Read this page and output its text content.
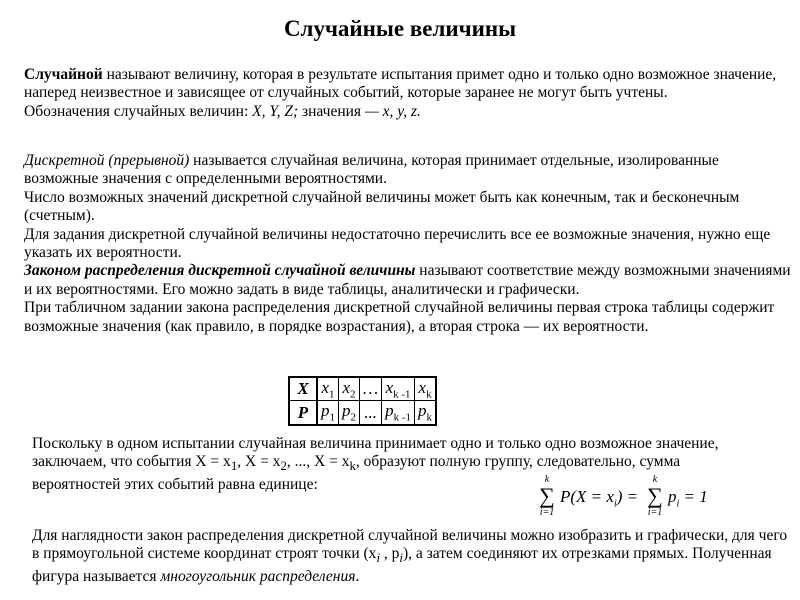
Случайные величины

Случайной называют величину, которая в результате испытания примет одно и только одно возможное значение, наперед неизвестное и зависящее от случайных событий, которые заранее не могут быть учтены.
Обозначения случайных величин: X, Y, Z; значения — x, y, z.

Дискретной (прерывной) называется случайная величина, которая принимает отдельные, изолированные возможные значения с определенными вероятностями.
Число возможных значений дискретной случайной величины может быть как конечным, так и бесконечным (счетным).
Для задания дискретной случайной величины недостаточно перечислить все ее возможные значения, нужно еще указать их вероятности.
Законом распределения дискретной случайной величины называют соответствие между возможными значениями и их вероятностями. Его можно задать в виде таблицы, аналитически и графически.
При табличном задании закона распределения дискретной случайной величины первая строка таблицы содержит возможные значения (как правило, в порядке возрастания), а вторая строка — их вероятности.

X	$x_1$	$x_2$	…	$x_{k -1}$	$x_k$
P	$p_1$	$p_2$	...	$p_{k -1}$	$p_k$

Поскольку в одном испытании случайная величина принимает одно и только одно возможное значение, заключаем, что события $X = x_1$, $X = x_2$, ..., $X = x_k$, образуют полную группу, следовательно, сумма вероятностей этих событий равна единице:	k
∑
i=1
$P(X = x_i)$ =
k
∑
i=1
$p_i = 1$

Для наглядности закон распределения дискретной случайной величины можно изобразить и графически, для чего в прямоугольной системе координат строят точки ($x_i$ , $p_i$), а затем соединяют их отрезками прямых. Полученная фигура называется многоугольник распределения.
